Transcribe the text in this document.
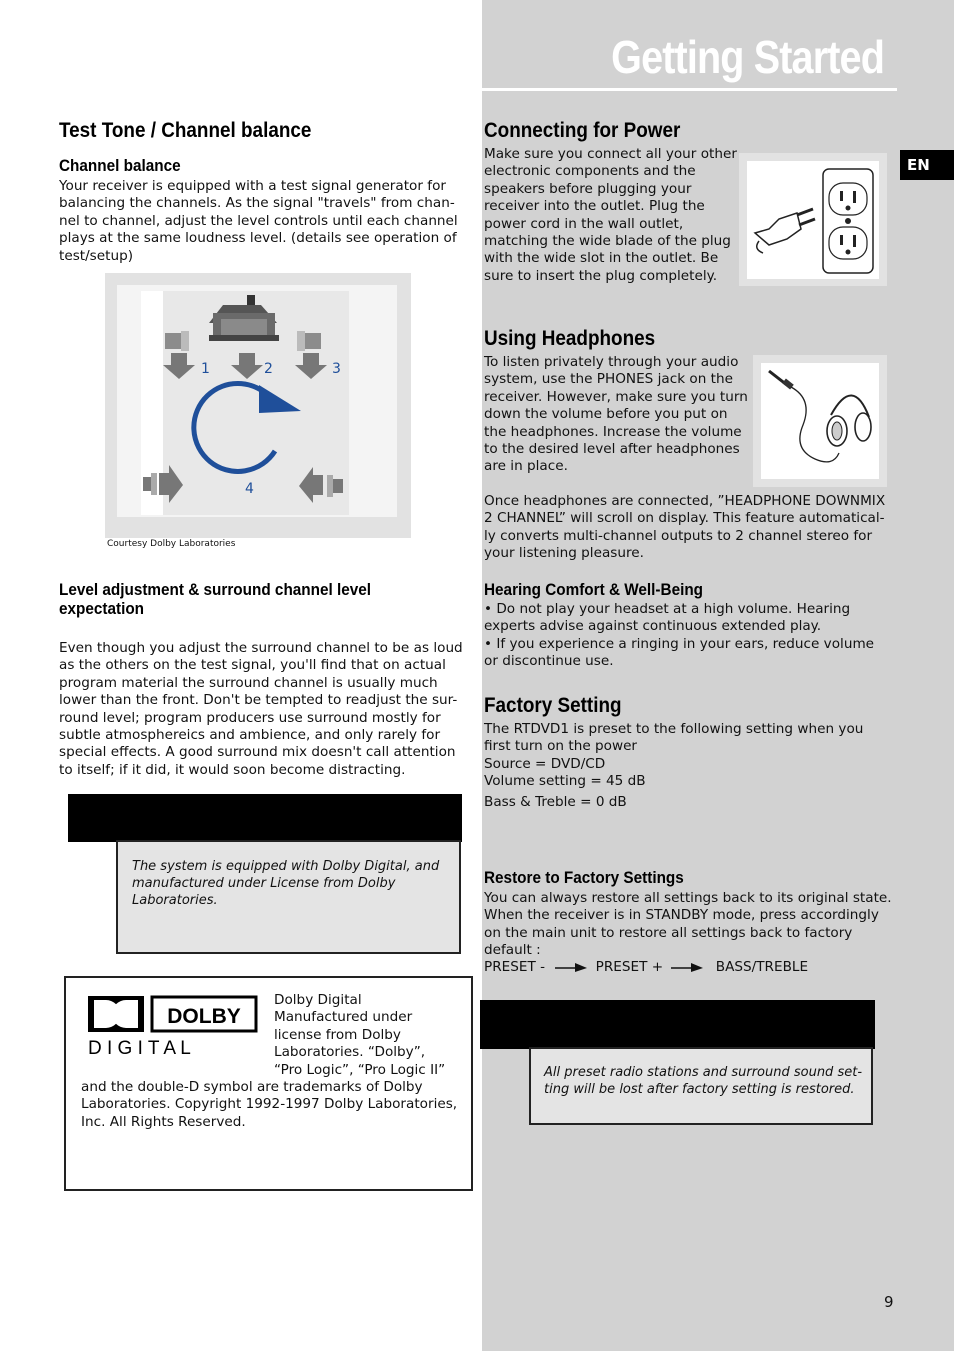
Getting Started
EN
Test Tone / Channel balance
Channel balance
Your receiver is equipped with a test signal generator for
balancing the channels. As the signal "travels" from chan-
nel to channel, adjust the level controls until each channel
plays at the same loudness level. (details see operation of
test/setup)
1	2	3
4
Courtesy Dolby Laboratories
Level adjustment & surround channel level
expectation
Even though you adjust the surround channel to be as loud
as the others on the test signal, you'll find that on actual
program material the surround channel is usually much
lower than the front. Don't be tempted to readjust the sur-
round level; program producers use surround mostly for
subtle atmosphereics and ambience, and only rarely for
special effects. A good surround mix doesn't call attention
to itself; if it did, it would soon become distracting.
The system is equipped with Dolby Digital, and
manufactured under License from Dolby
Laboratories.
DOLBY
D I G I T A L
Dolby Digital
Manufactured under
license from Dolby
Laboratories. “Dolby”,
“Pro Logic”, “Pro Logic II”
and the double-D symbol are trademarks of Dolby
Laboratories. Copyright 1992-1997 Dolby Laboratories,
Inc. All Rights Reserved.
Connecting for Power
Make sure you connect all your other
electronic components and the
speakers before plugging your
receiver into the outlet. Plug the
power cord in the wall outlet,
matching the wide blade of the plug
with the wide slot in the outlet. Be
sure to insert the plug completely.
Using Headphones
To listen privately through your audio
system, use the PHONES jack on the
receiver. However, make sure you turn
down the volume before you put on
the headphones. Increase the volume
to the desired level after headphones
are in place.
Once headphones are connected, ”HEADPHONE DOWNMIX
2 CHANNEL” will scroll on display. This feature automatical-
ly converts multi-channel outputs to 2 channel stereo for
your listening pleasure.
Hearing Comfort & Well-Being
• Do not play your headset at a high volume. Hearing
experts advise against continuous extended play.
• If you experience a ringing in your ears, reduce volume
or discontinue use.
Factory Setting
The RTDVD1 is preset to the following setting when you
first turn on the power
Source = DVD/CD
Volume setting = 45 dB
Bass & Treble = 0 dB
Restore to Factory Settings
You can always restore all settings back to its original state.
When the receiver is in STANDBY mode, press accordingly
on the main unit to restore all settings back to factory
default :
PRESET -	PRESET +	BASS/TREBLE
All preset radio stations and surround sound set-
ting will be lost after factory setting is restored.
9
